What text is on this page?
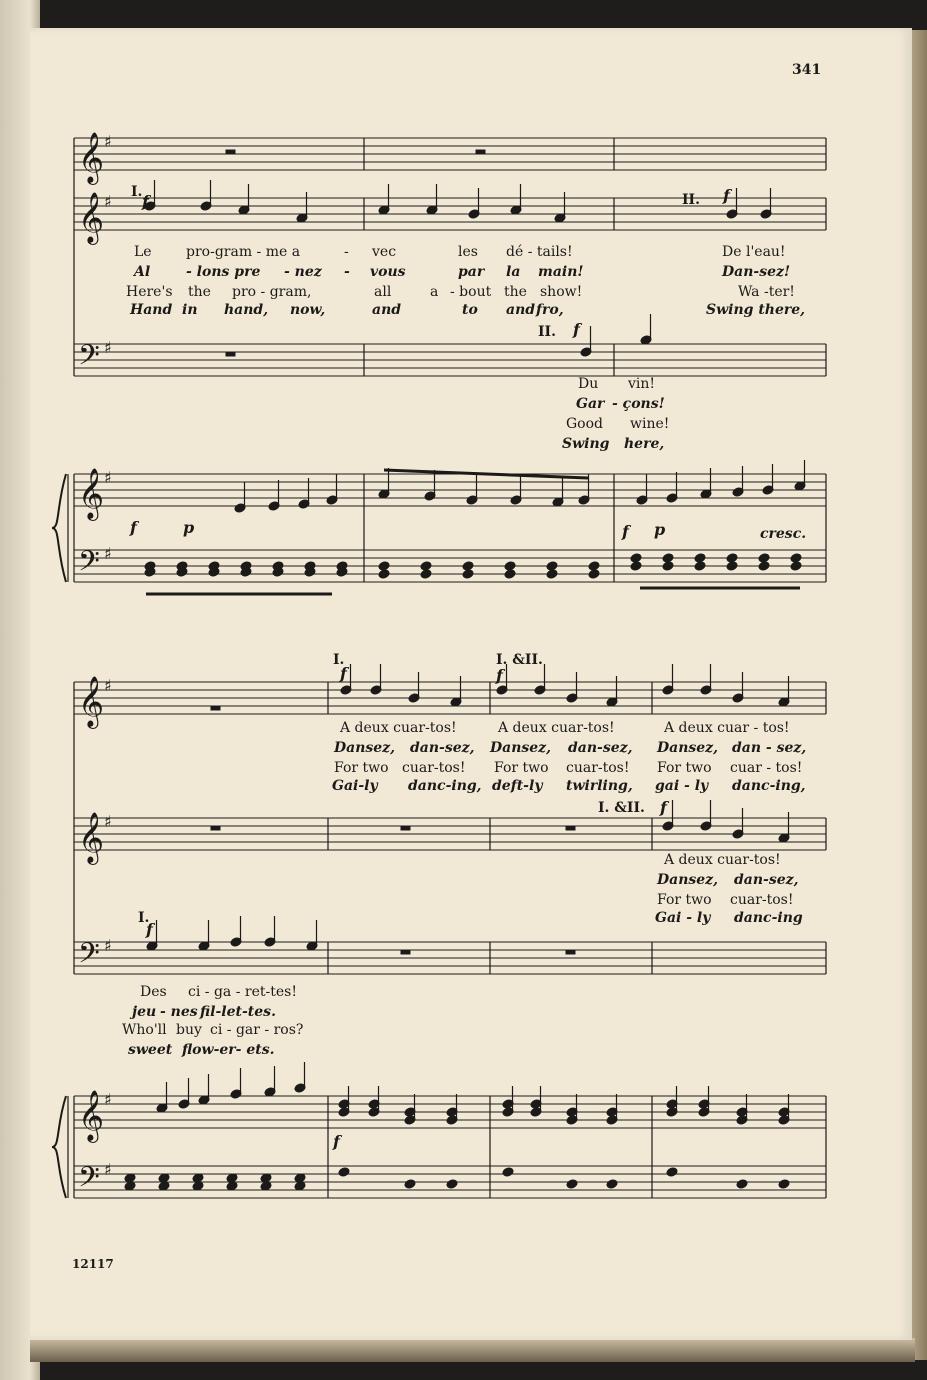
𝄞 ♯
𝄞 ♯
𝄢 ♯
𝄞 ♯
𝄢 ♯
𝄞 ♯
𝄞 ♯
𝄢 ♯
𝄞 ♯
𝄢 ♯
341
12117
I. f	II. f
II. f
f	p	f p	cresc.
Le pro-gram - me a	-
Al	- lons pre - nez -
Here's the pro - gram,
Hand in hand, now,
vec	les dé - tails!
vous	par la main!
all	a - bout the show!
and	to and fro,
De l'eau!
Dan-sez!
Wa -ter!
Swing there,
Du vin!
Gar - çons!
Good wine!
Swing here,
I.
f
I. &II.
f
I. &II. f
I.
f
f
A deux cuar-tos!
Dansez, dan-sez,
For two cuar-tos!
Gai-ly danc-ing,
A deux cuar-tos!
Dansez, dan-sez,
For two cuar-tos!
deft-ly twirling,
A deux cuar - tos!
Dansez, dan - sez,
For two cuar - tos!
gai - ly danc-ing,
A deux cuar-tos!
Dansez, dan-sez,
For two cuar-tos!
Gai - ly danc-ing
Des ci - ga - ret-tes!
jeu - nes fil-let-tes.
Who'll buy ci - gar - ros?
sweet flow-er- ets.
